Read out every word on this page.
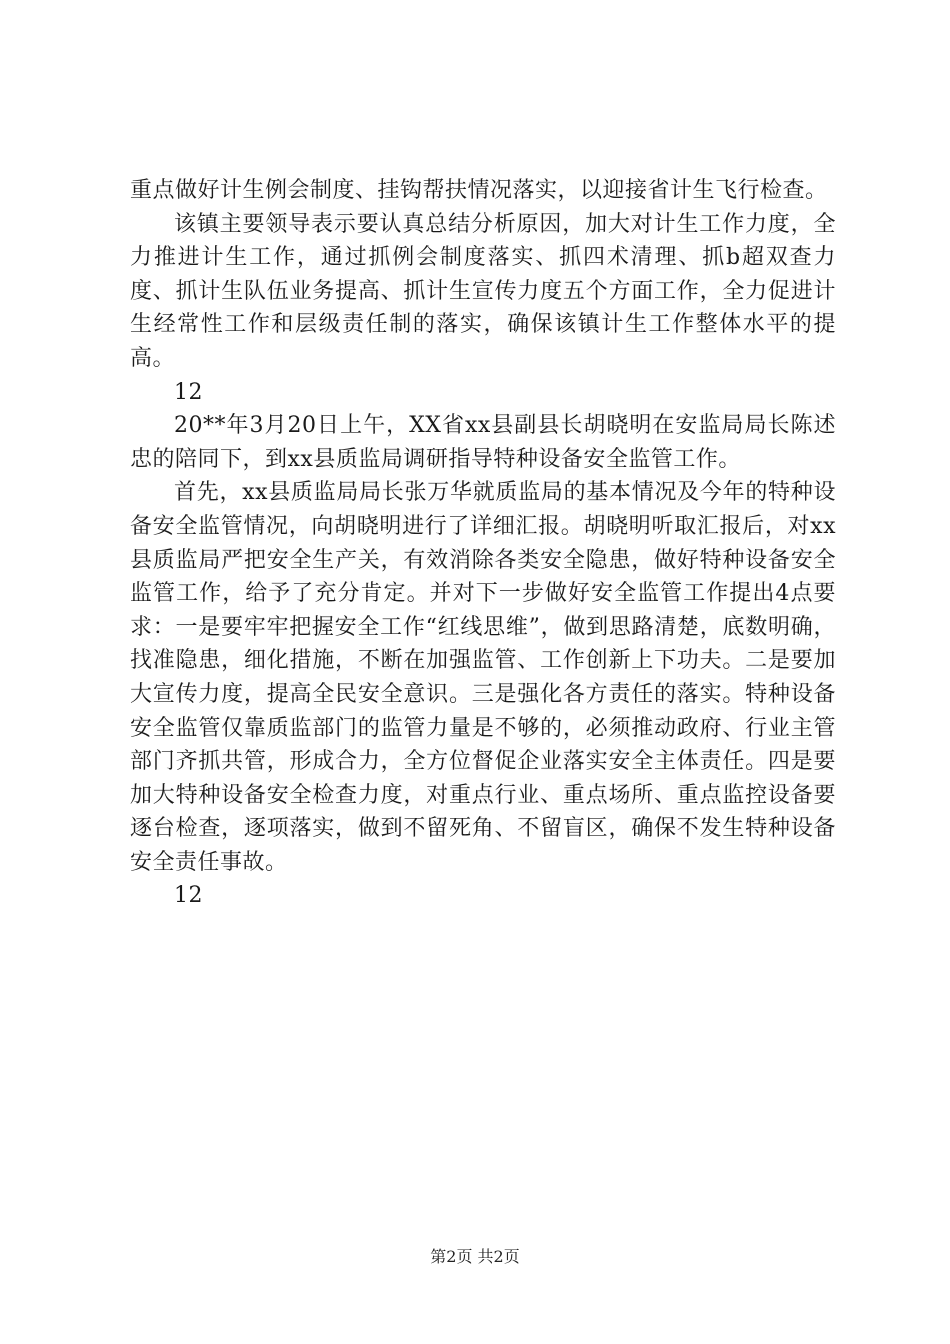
重点做好计生例会制度、挂钩帮扶情况落实，以迎接省计生飞行检查。

该镇主要领导表示要认真总结分析原因，加大对计生工作力度，全力推进计生工作，通过抓例会制度落实、抓四术清理、抓b超双查力度、抓计生队伍业务提高、抓计生宣传力度五个方面工作，全力促进计生经常性工作和层级责任制的落实，确保该镇计生工作整体水平的提高。

12

20**年3月20日上午，XX省xx县副县长胡晓明在安监局局长陈述忠的陪同下，到xx县质监局调研指导特种设备安全监管工作。

首先，xx县质监局局长张万华就质监局的基本情况及今年的特种设备安全监管情况，向胡晓明进行了详细汇报。胡晓明听取汇报后，对xx县质监局严把安全生产关，有效消除各类安全隐患，做好特种设备安全监管工作，给予了充分肯定。并对下一步做好安全监管工作提出4点要求：一是要牢牢把握安全工作“红线思维”，做到思路清楚，底数明确，找准隐患，细化措施，不断在加强监管、工作创新上下功夫。二是要加大宣传力度，提高全民安全意识。三是强化各方责任的落实。特种设备安全监管仅靠质监部门的监管力量是不够的，必须推动政府、行业主管部门齐抓共管，形成合力，全方位督促企业落实安全主体责任。四是要加大特种设备安全检查力度，对重点行业、重点场所、重点监控设备要逐台检查，逐项落实，做到不留死角、不留盲区，确保不发生特种设备安全责任事故。

12

第2页 共2页
